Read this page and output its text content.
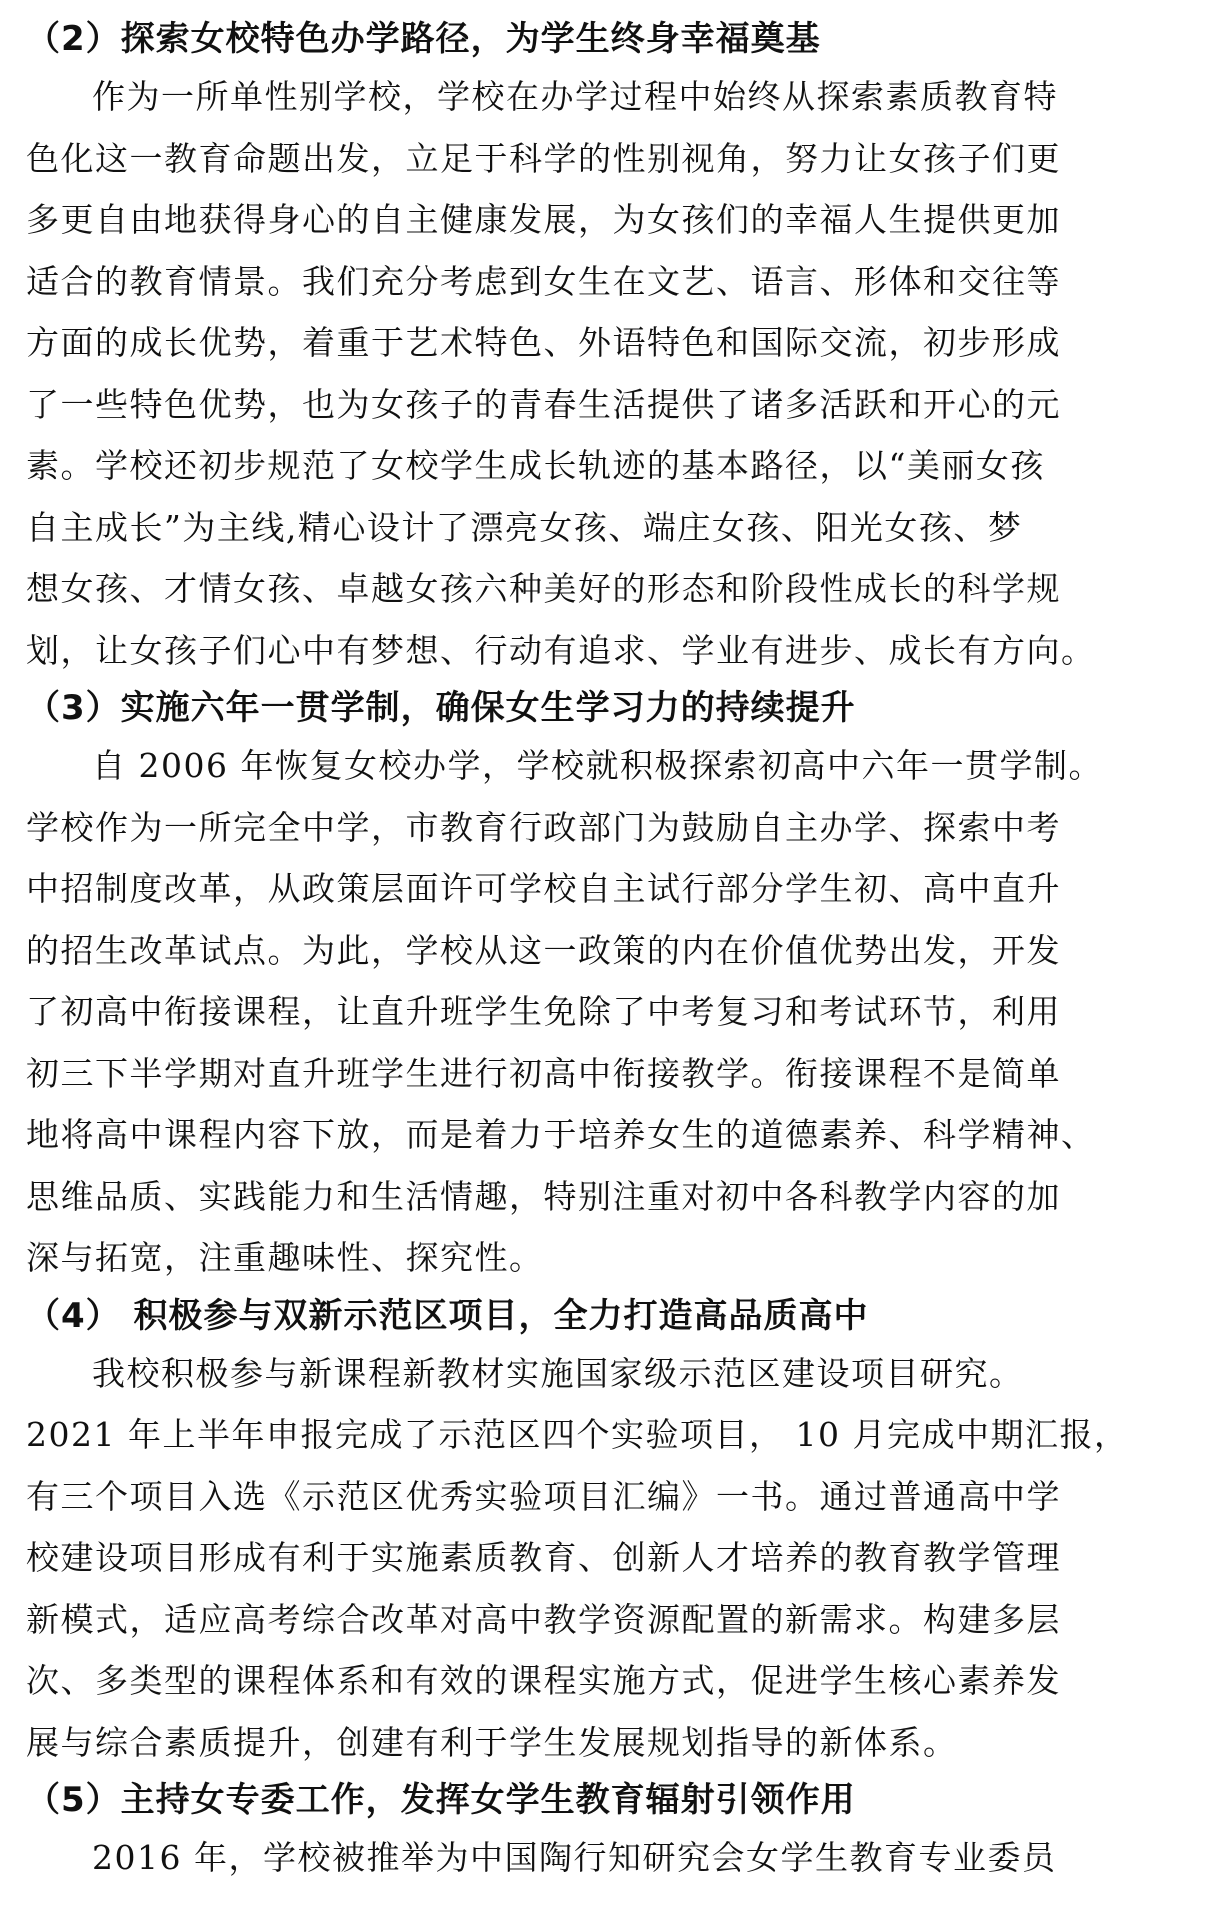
（2）探索女校特色办学路径，为学生终身幸福奠基
作为一所单性别学校，学校在办学过程中始终从探索素质教育特
色化这一教育命题出发，立足于科学的性别视角，努力让女孩子们更
多更自由地获得身心的自主健康发展，为女孩们的幸福人生提供更加
适合的教育情景。我们充分考虑到女生在文艺、语言、形体和交往等
方面的成长优势，着重于艺术特色、外语特色和国际交流，初步形成
了一些特色优势，也为女孩子的青春生活提供了诸多活跃和开心的元
素。学校还初步规范了女校学生成长轨迹的基本路径，以“美丽女孩
自主成长”为主线,精心设计了漂亮女孩、端庄女孩、阳光女孩、梦
想女孩、才情女孩、卓越女孩六种美好的形态和阶段性成长的科学规
划，让女孩子们心中有梦想、行动有追求、学业有进步、成长有方向。
（3）实施六年一贯学制，确保女生学习力的持续提升
自 2006 年恢复女校办学，学校就积极探索初高中六年一贯学制。
学校作为一所完全中学，市教育行政部门为鼓励自主办学、探索中考
中招制度改革，从政策层面许可学校自主试行部分学生初、高中直升
的招生改革试点。为此，学校从这一政策的内在价值优势出发，开发
了初高中衔接课程，让直升班学生免除了中考复习和考试环节，利用
初三下半学期对直升班学生进行初高中衔接教学。衔接课程不是简单
地将高中课程内容下放，而是着力于培养女生的道德素养、科学精神、
思维品质、实践能力和生活情趣，特别注重对初中各科教学内容的加
深与拓宽，注重趣味性、探究性。
（4） 积极参与双新示范区项目，全力打造高品质高中
我校积极参与新课程新教材实施国家级示范区建设项目研究。
2021 年上半年申报完成了示范区四个实验项目， 10 月完成中期汇报，
有三个项目入选《示范区优秀实验项目汇编》一书。通过普通高中学
校建设项目形成有利于实施素质教育、创新人才培养的教育教学管理
新模式，适应高考综合改革对高中教学资源配置的新需求。构建多层
次、多类型的课程体系和有效的课程实施方式，促进学生核心素养发
展与综合素质提升，创建有利于学生发展规划指导的新体系。
（5）主持女专委工作，发挥女学生教育辐射引领作用
2016 年，学校被推举为中国陶行知研究会女学生教育专业委员
